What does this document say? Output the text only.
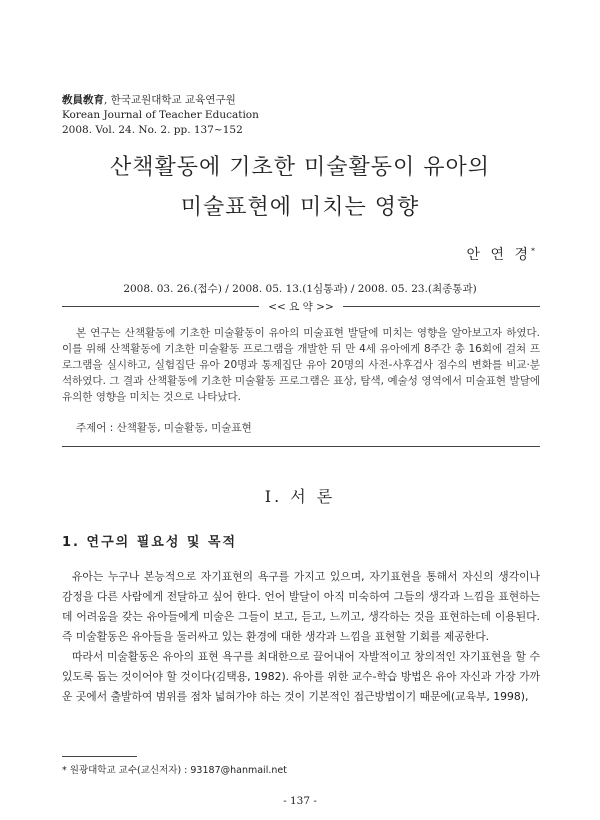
敎員敎育, 한국교원대학교 교육연구원
Korean Journal of Teacher Education
2008. Vol. 24. No. 2. pp. 137~152
산책활동에 기초한 미술활동이 유아의
미술표현에 미치는 영향
안 연 경*
2008. 03. 26.(접수) / 2008. 05. 13.(1심통과) / 2008. 05. 23.(최종통과)
<< 요 약 >>

본 연구는 산책활동에 기초한 미술활동이 유아의 미술표현 발달에 미치는 영향을 알아보고자 하였다. 이를 위해 산책활동에 기초한 미술활동 프로그램을 개발한 뒤 만 4세 유아에게 8주간 총 16회에 걸쳐 프로그램을 실시하고, 실험집단 유아 20명과 통제집단 유아 20명의 사전-사후검사 점수의 변화를 비교·분석하였다. 그 결과 산책활동에 기초한 미술활동 프로그램은 표상, 탐색, 예술성 영역에서 미술표현 발달에 유의한 영향을 미치는 것으로 나타났다.

주제어 : 산책활동, 미술활동, 미술표현
Ⅰ. 서 론
1. 연구의 필요성 및 목적

유아는 누구나 본능적으로 자기표현의 욕구를 가지고 있으며, 자기표현을 통해서 자신의 생각이나 감정을 다른 사람에게 전달하고 싶어 한다. 언어 발달이 아직 미숙하여 그들의 생각과 느낌을 표현하는데 어려움을 갖는 유아들에게 미술은 그들이 보고, 듣고, 느끼고, 생각하는 것을 표현하는데 이용된다. 즉 미술활동은 유아들을 둘러싸고 있는 환경에 대한 생각과 느낌을 표현할 기회를 제공한다.

따라서 미술활동은 유아의 표현 욕구를 최대한으로 끌어내어 자발적이고 창의적인 자기표현을 할 수 있도록 돕는 것이어야 할 것이다(김택용, 1982). 유아를 위한 교수-학습 방법은 유아 자신과 가장 가까운 곳에서 출발하여 범위를 점차 넓혀가야 하는 것이 기본적인 접근방법이기 때문에(교육부, 1998),

* 원광대학교 교수(교신저자) : 93187@hanmail.net
- 137 -
